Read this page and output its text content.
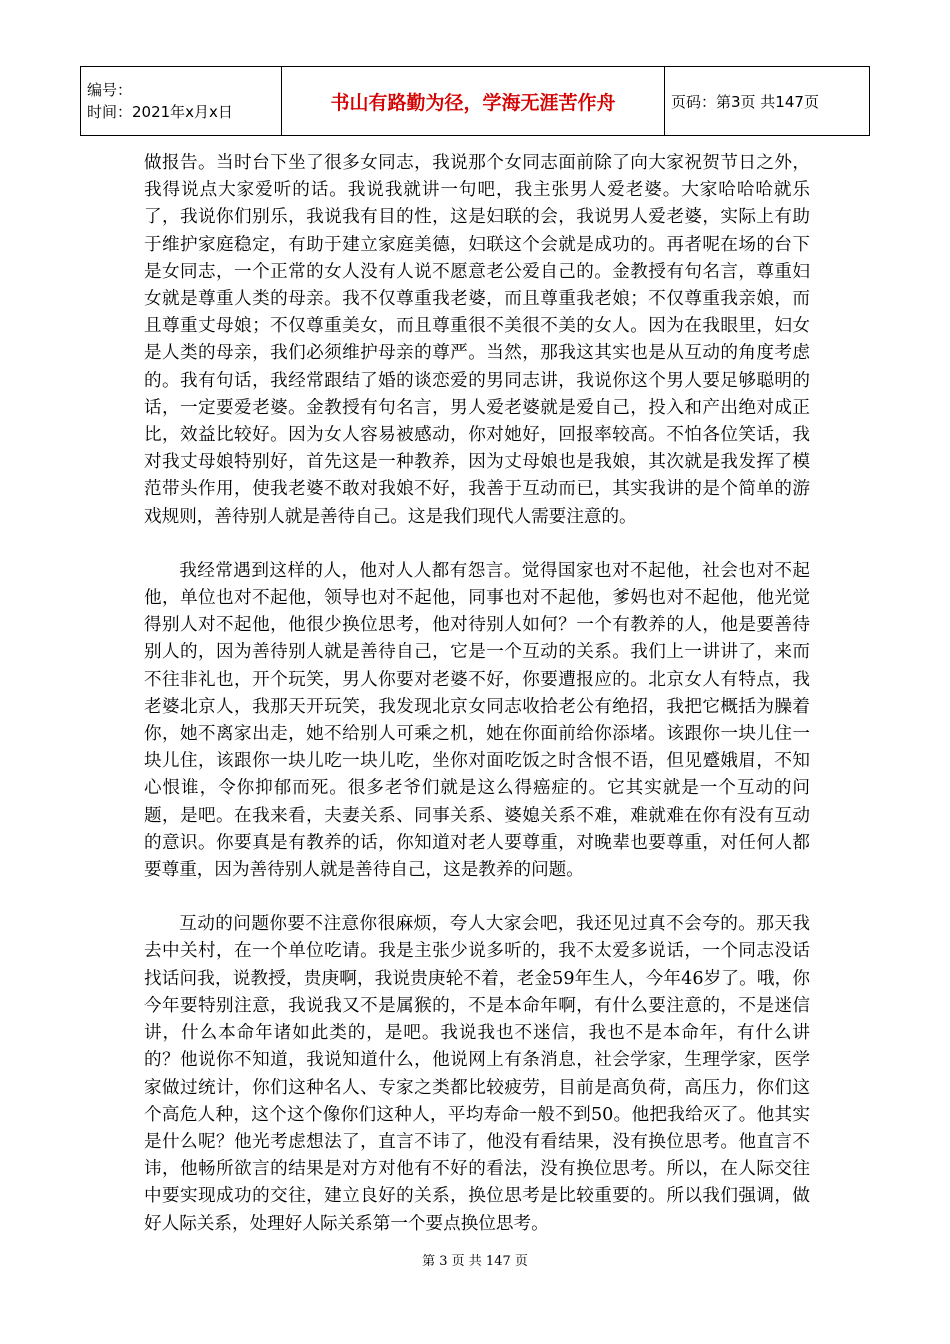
编号：
时间：2021年x月x日	书山有路勤为径，学海无涯苦作舟	页码：第3页 共147页

做报告。当时台下坐了很多女同志，我说那个女同志面前除了向大家祝贺节日之外，我得说点大家爱听的话。我说我就讲一句吧，我主张男人爱老婆。大家哈哈哈就乐了，我说你们别乐，我说我有目的性，这是妇联的会，我说男人爱老婆，实际上有助于维护家庭稳定，有助于建立家庭美德，妇联这个会就是成功的。再者呢在场的台下是女同志，一个正常的女人没有人说不愿意老公爱自己的。金教授有句名言，尊重妇女就是尊重人类的母亲。我不仅尊重我老婆，而且尊重我老娘；不仅尊重我亲娘，而且尊重丈母娘；不仅尊重美女，而且尊重很不美很不美的女人。因为在我眼里，妇女是人类的母亲，我们必须维护母亲的尊严。当然，那我这其实也是从互动的角度考虑的。我有句话，我经常跟结了婚的谈恋爱的男同志讲，我说你这个男人要足够聪明的话，一定要爱老婆。金教授有句名言，男人爱老婆就是爱自己，投入和产出绝对成正比，效益比较好。因为女人容易被感动，你对她好，回报率较高。不怕各位笑话，我对我丈母娘特别好，首先这是一种教养，因为丈母娘也是我娘，其次就是我发挥了模范带头作用，使我老婆不敢对我娘不好，我善于互动而已，其实我讲的是个简单的游戏规则，善待别人就是善待自己。这是我们现代人需要注意的。

我经常遇到这样的人，他对人人都有怨言。觉得国家也对不起他，社会也对不起他，单位也对不起他，领导也对不起他，同事也对不起他，爹妈也对不起他，他光觉得别人对不起他，他很少换位思考，他对待别人如何？一个有教养的人，他是要善待别人的，因为善待别人就是善待自己，它是一个互动的关系。我们上一讲讲了，来而不往非礼也，开个玩笑，男人你要对老婆不好，你要遭报应的。北京女人有特点，我老婆北京人，我那天开玩笑，我发现北京女同志收拾老公有绝招，我把它概括为臊着你，她不离家出走，她不给别人可乘之机，她在你面前给你添堵。该跟你一块儿住一块儿住，该跟你一块儿吃一块儿吃，坐你对面吃饭之时含恨不语，但见蹙娥眉，不知心恨谁，令你抑郁而死。很多老爷们就是这么得癌症的。它其实就是一个互动的问题，是吧。在我来看，夫妻关系、同事关系、婆媳关系不难，难就难在你有没有互动的意识。你要真是有教养的话，你知道对老人要尊重，对晚辈也要尊重，对任何人都要尊重，因为善待别人就是善待自己，这是教养的问题。

互动的问题你要不注意你很麻烦，夸人大家会吧，我还见过真不会夸的。那天我去中关村，在一个单位吃请。我是主张少说多听的，我不太爱多说话，一个同志没话找话问我，说教授，贵庚啊，我说贵庚轮不着，老金59年生人，今年46岁了。哦，你今年要特别注意，我说我又不是属猴的，不是本命年啊，有什么要注意的，不是迷信讲，什么本命年诸如此类的，是吧。我说我也不迷信，我也不是本命年，有什么讲的？他说你不知道，我说知道什么，他说网上有条消息，社会学家，生理学家，医学家做过统计，你们这种名人、专家之类都比较疲劳，目前是高负荷，高压力，你们这个高危人种，这个这个像你们这种人，平均寿命一般不到50。他把我给灭了。他其实是什么呢？他光考虑想法了，直言不讳了，他没有看结果，没有换位思考。他直言不讳，他畅所欲言的结果是对方对他有不好的看法，没有换位思考。所以，在人际交往中要实现成功的交往，建立良好的关系，换位思考是比较重要的。所以我们强调，做好人际关系，处理好人际关系第一个要点换位思考。

第 3 页 共 147 页
